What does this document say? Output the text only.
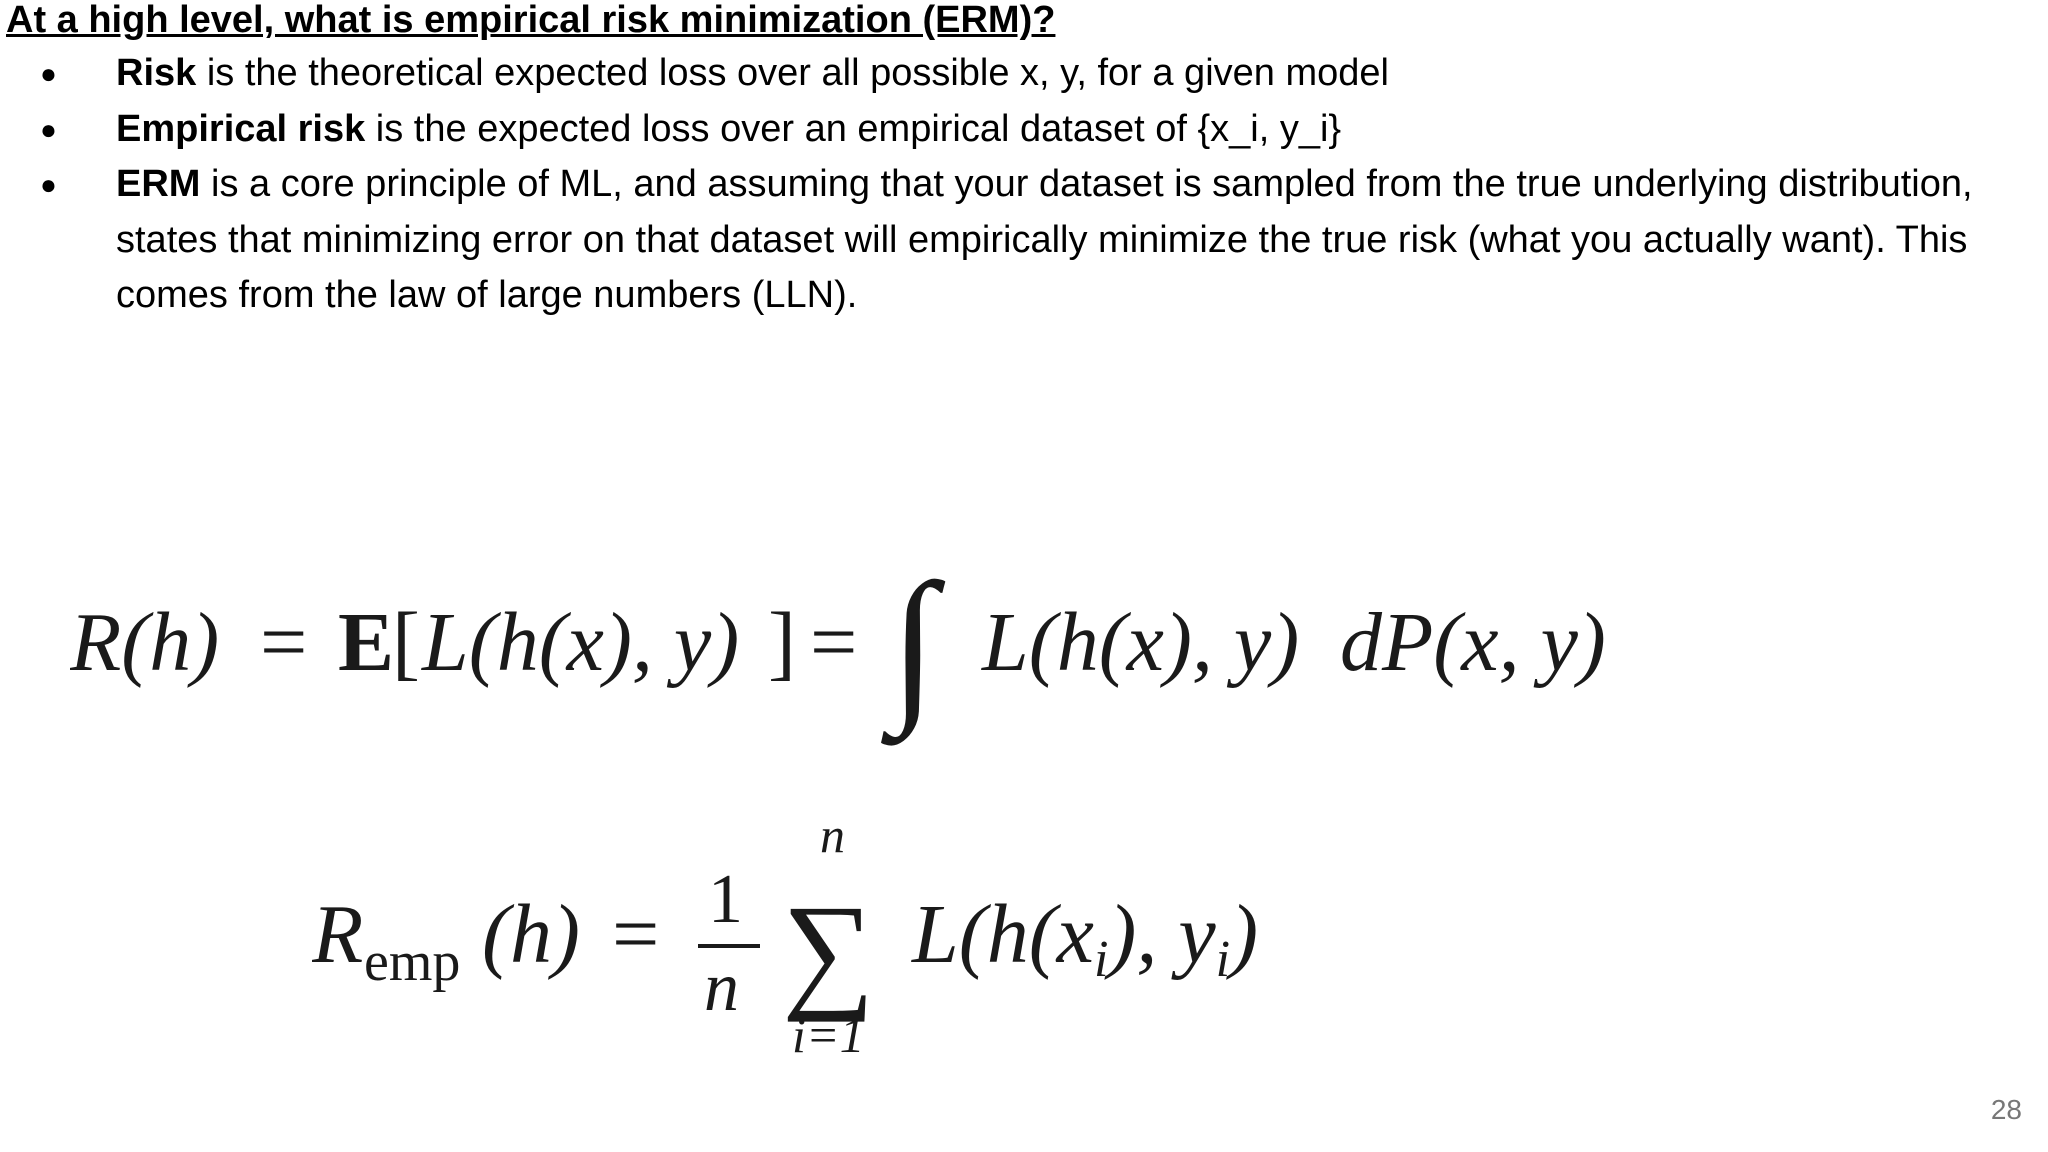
At a high level, what is empirical risk minimization (ERM)?
● Risk is the theoretical expected loss over all possible x, y, for a given model
● Empirical risk is the expected loss over an empirical dataset of {x_i, y_i}
● ERM is a core principle of ML, and assuming that your dataset is sampled from the true underlying distribution, states that minimizing error on that dataset will empirically minimize the true risk (what you actually want). This comes from the law of large numbers (LLN).
R(h) = E
[ L(h(x), y) ] = ∫ L(h(x), y) dP(x, y)
R emp (h) = 1
n
n
∑
i=1
L(h(xi), yi)
28
